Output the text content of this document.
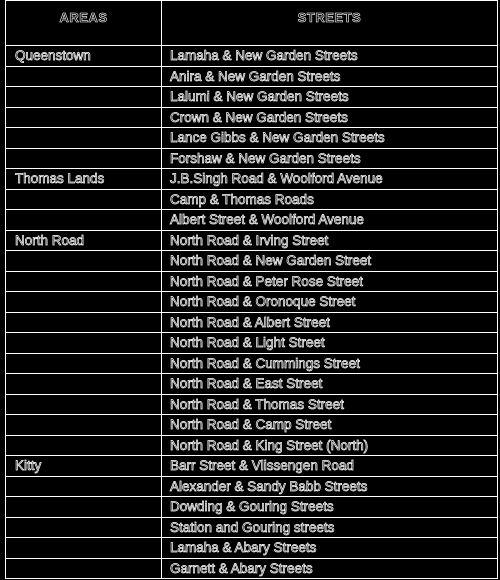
AREAS	STREETS
Queenstown	Lamaha & New Garden Streets
Anira & New Garden Streets
Lalumi & New Garden Streets
Crown & New Garden Streets
Lance Gibbs & New Garden Streets
Forshaw & New Garden Streets
Thomas Lands	J.B.Singh Road & Woolford Avenue
Camp & Thomas Roads
Albert Street & Woolford Avenue
North Road	North Road & Irving Street
North Road & New Garden Street
North Road & Peter Rose Street
North Road & Oronoque Street
North Road & Albert Street
North Road & Light Street
North Road & Cummings Street
North Road & East Street
North Road & Thomas Street
North Road & Camp Street
North Road & King Street (North)
Kitty	Barr Street & Vlissengen Road
Alexander & Sandy Babb Streets
Dowding & Gouring Streets
Station and Gouring streets
Lamaha & Abary Streets
Garnett & Abary Streets
